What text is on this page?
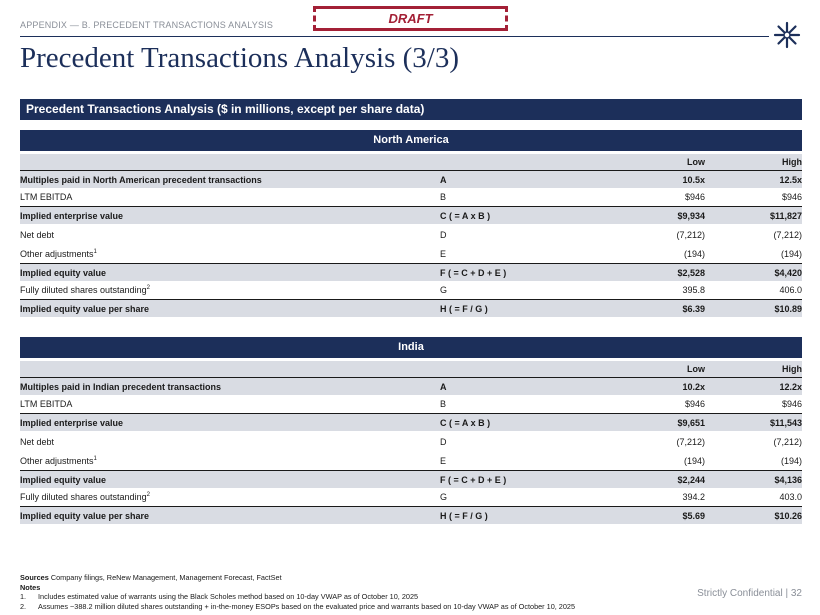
APPENDIX — B. PRECEDENT TRANSACTIONS ANALYSIS	DRAFT
Precedent Transactions Analysis (3/3)
Precedent Transactions Analysis ($ in millions, except per share data)
North America
Low	High
Multiples paid in North American precedent transactions	A	10.5x	12.5x
LTM EBITDA	B	$946	$946
Implied enterprise value	C ( = A x B )	$9,934	$11,827
Net debt	D	(7,212)	(7,212)
Other adjustments$^1$	E	(194)	(194)
Implied equity value	F ( = C + D + E )	$2,528	$4,420
Fully diluted shares outstanding$^2$	G	395.8	406.0
Implied equity value per share	H ( = F / G )	$6.39	$10.89
India
Low	High
Multiples paid in Indian precedent transactions	A	10.2x	12.2x
LTM EBITDA	B	$946	$946
Implied enterprise value	C ( = A x B )	$9,651	$11,543
Net debt	D	(7,212)	(7,212)
Other adjustments$^1$	E	(194)	(194)
Implied equity value	F ( = C + D + E )	$2,244	$4,136
Fully diluted shares outstanding$^2$	G	394.2	403.0
Implied equity value per share	H ( = F / G )	$5.69	$10.26
Sources Company filings, ReNew Management, Management Forecast, FactSet
Notes
1.	Includes estimated value of warrants using the Black Scholes method based on 10-day VWAP as of October 10, 2025
2.	Assumes ~388.2 million diluted shares outstanding + in-the-money ESOPs based on the evaluated price and warrants based on 10-day VWAP as of October 10, 2025
Strictly Confidential | 32
